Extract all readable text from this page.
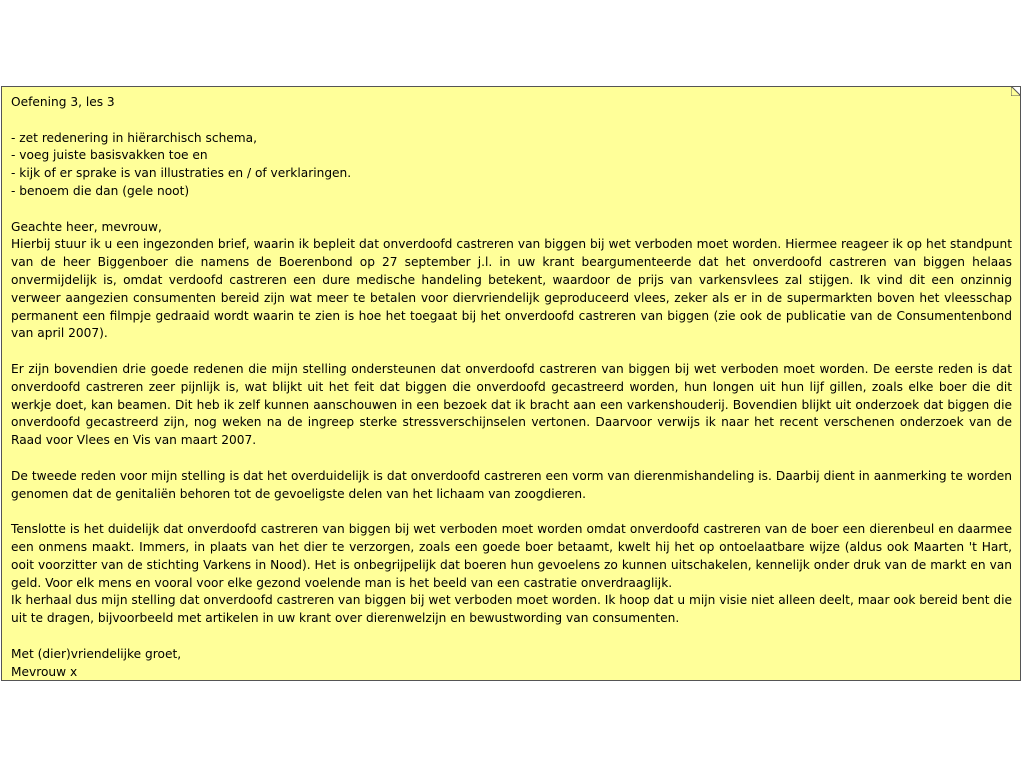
Oefening 3, les 3
- zet redenering in hiërarchisch schema,
- voeg juiste basisvakken toe en
- kijk of er sprake is van illustraties en / of verklaringen.
- benoem die dan (gele noot)
Geachte heer, mevrouw,
Hierbij stuur ik u een ingezonden brief, waarin ik bepleit dat onverdoofd castreren van biggen bij wet verboden moet worden. Hiermee reageer ik op het standpunt van de heer Biggenboer die namens de Boerenbond op 27 september j.l. in uw krant beargumenteerde dat het onverdoofd castreren van biggen helaas onvermijdelijk is, omdat verdoofd castreren een dure medische handeling betekent, waardoor de prijs van varkensvlees zal stijgen. Ik vind dit een onzinnig verweer aangezien consumenten bereid zijn wat meer te betalen voor diervriendelijk geproduceerd vlees, zeker als er in de supermarkten boven het vleesschap permanent een filmpje gedraaid wordt waarin te zien is hoe het toegaat bij het onverdoofd castreren van biggen (zie ook de publicatie van de Consumentenbond van april 2007).
Er zijn bovendien drie goede redenen die mijn stelling ondersteunen dat onverdoofd castreren van biggen bij wet verboden moet worden. De eerste reden is dat onverdoofd castreren zeer pijnlijk is, wat blijkt uit het feit dat biggen die onverdoofd gecastreerd worden, hun longen uit hun lijf gillen, zoals elke boer die dit werkje doet, kan beamen. Dit heb ik zelf kunnen aanschouwen in een bezoek dat ik bracht aan een varkenshouderij. Bovendien blijkt uit onderzoek dat biggen die onverdoofd gecastreerd zijn, nog weken na de ingreep sterke stressverschijnselen vertonen. Daarvoor verwijs ik naar het recent verschenen onderzoek van de Raad voor Vlees en Vis van maart 2007.
De tweede reden voor mijn stelling is dat het overduidelijk is dat onverdoofd castreren een vorm van dierenmishandeling is. Daarbij dient in aanmerking te worden genomen dat de genitaliën behoren tot de gevoeligste delen van het lichaam van zoogdieren.
Tenslotte is het duidelijk dat onverdoofd castreren van biggen bij wet verboden moet worden omdat onverdoofd castreren van de boer een dierenbeul en daarmee een onmens maakt. Immers, in plaats van het dier te verzorgen, zoals een goede boer betaamt, kwelt hij het op ontoelaatbare wijze (aldus ook Maarten 't Hart, ooit voorzitter van de stichting Varkens in Nood). Het is onbegrijpelijk dat boeren hun gevoelens zo kunnen uitschakelen, kennelijk onder druk van de markt en van geld. Voor elk mens en vooral voor elke gezond voelende man is het beeld van een castratie onverdraaglijk.
Ik herhaal dus mijn stelling dat onverdoofd castreren van biggen bij wet verboden moet worden. Ik hoop dat u mijn visie niet alleen deelt, maar ook bereid bent die uit te dragen, bijvoorbeeld met artikelen in uw krant over dierenwelzijn en bewustwording van consumenten.
Met (dier)vriendelijke groet,
Mevrouw x
